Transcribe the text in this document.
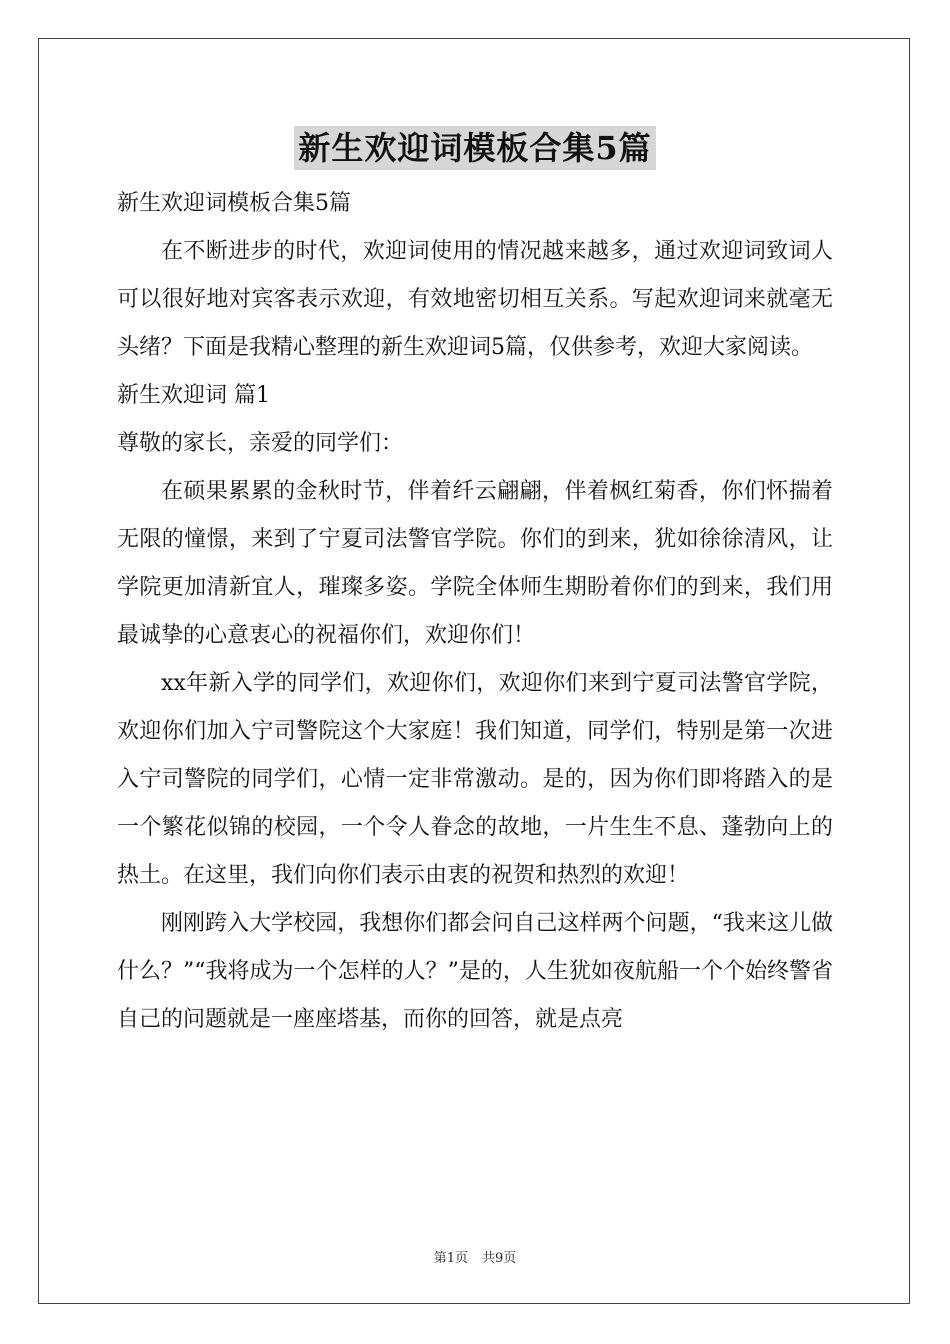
新生欢迎词模板合集5篇

新生欢迎词模板合集5篇

在不断进步的时代，欢迎词使用的情况越来越多，通过欢迎词致词人可以很好地对宾客表示欢迎，有效地密切相互关系。写起欢迎词来就毫无头绪？下面是我精心整理的新生欢迎词5篇，仅供参考，欢迎大家阅读。

新生欢迎词 篇1

尊敬的家长，亲爱的同学们：

在硕果累累的金秋时节，伴着纤云翩翩，伴着枫红菊香，你们怀揣着无限的憧憬，来到了宁夏司法警官学院。你们的到来，犹如徐徐清风，让学院更加清新宜人，璀璨多姿。学院全体师生期盼着你们的到来，我们用最诚挚的心意衷心的祝福你们，欢迎你们！

xx年新入学的同学们，欢迎你们，欢迎你们来到宁夏司法警官学院，欢迎你们加入宁司警院这个大家庭！我们知道，同学们，特别是第一次进入宁司警院的同学们，心情一定非常激动。是的，因为你们即将踏入的是一个繁花似锦的校园，一个令人眷念的故地，一片生生不息、蓬勃向上的热土。在这里，我们向你们表示由衷的祝贺和热烈的欢迎！

刚刚跨入大学校园，我想你们都会问自己这样两个问题，“我来这儿做什么？”“我将成为一个怎样的人？”是的，人生犹如夜航船一个个始终警省自己的问题就是一座座塔基，而你的回答，就是点亮

第1页 共9页
